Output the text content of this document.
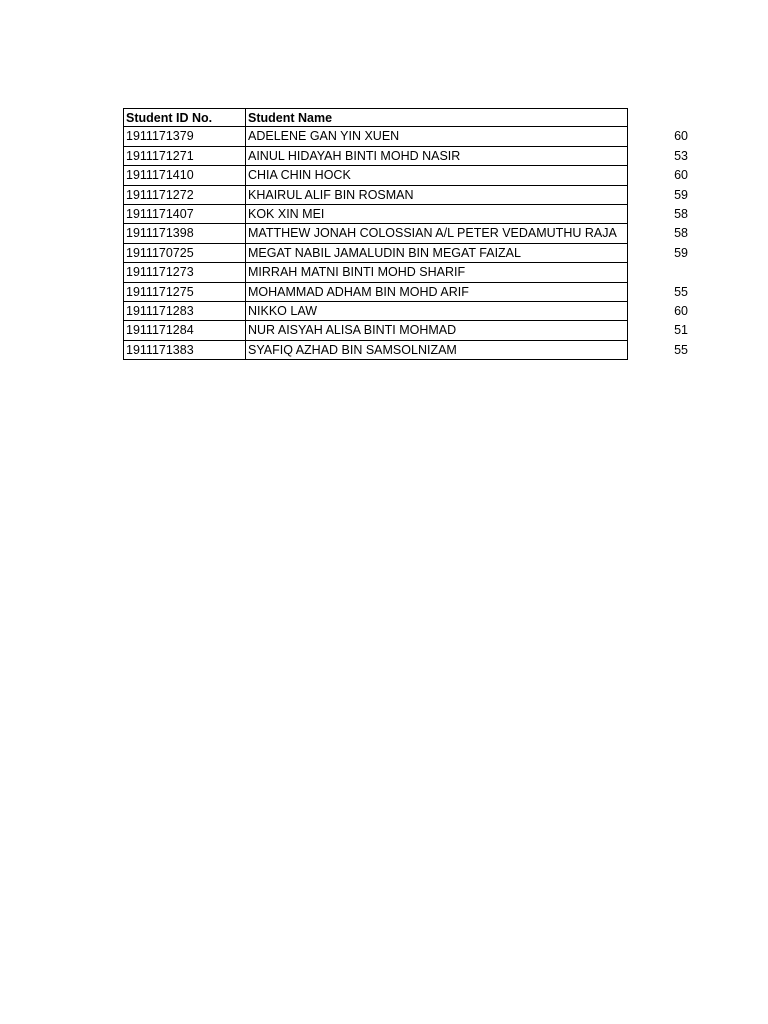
Student ID No.	Student Name
1911171379	ADELENE GAN YIN XUEN	60
1911171271	AINUL HIDAYAH BINTI MOHD NASIR	53
1911171410	CHIA CHIN HOCK	60
1911171272	KHAIRUL ALIF BIN ROSMAN	59
1911171407	KOK XIN MEI	58
1911171398	MATTHEW JONAH COLOSSIAN A/L PETER VEDAMUTHU RAJA	58
1911170725	MEGAT NABIL JAMALUDIN BIN MEGAT FAIZAL	59
1911171273	MIRRAH MATNI BINTI MOHD SHARIF
1911171275	MOHAMMAD ADHAM BIN MOHD ARIF	55
1911171283	NIKKO LAW	60
1911171284	NUR AISYAH ALISA BINTI MOHMAD	51
1911171383	SYAFIQ AZHAD BIN SAMSOLNIZAM	55
